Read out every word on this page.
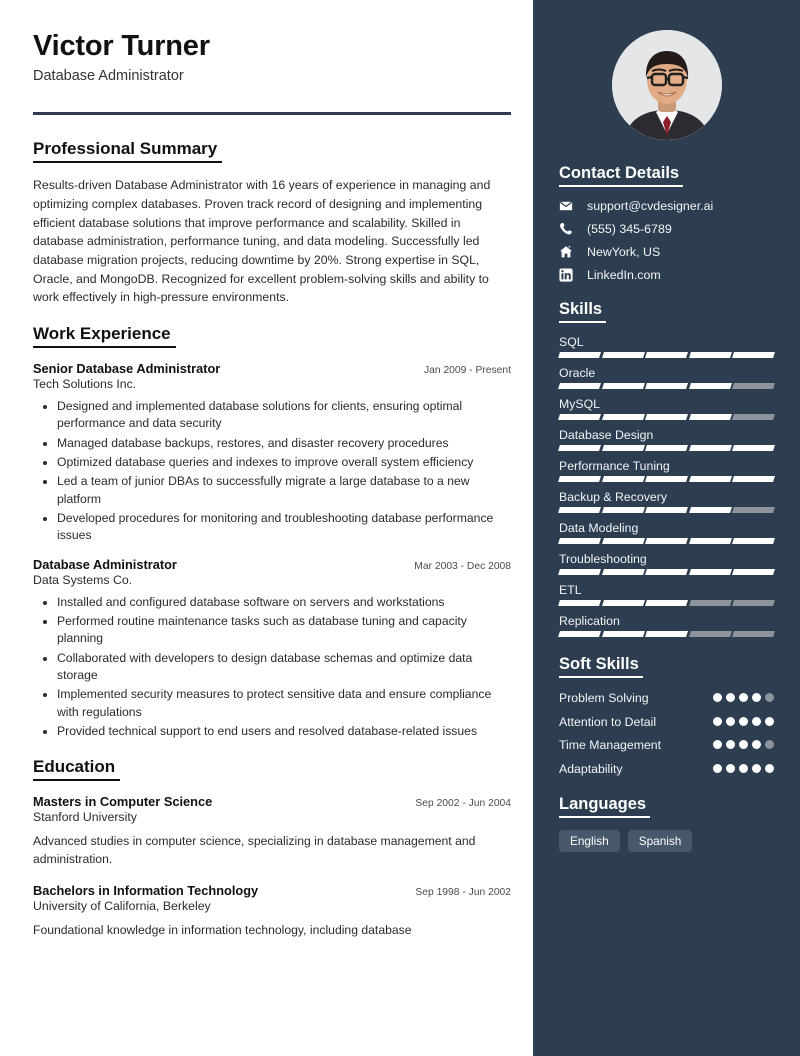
Victor Turner
Database Administrator
Professional Summary
Results-driven Database Administrator with 16 years of experience in managing and optimizing complex databases. Proven track record of designing and implementing efficient database solutions that improve performance and scalability. Skilled in database administration, performance tuning, and data modeling. Successfully led database migration projects, reducing downtime by 20%. Strong expertise in SQL, Oracle, and MongoDB. Recognized for excellent problem-solving skills and ability to work effectively in high-pressure environments.
Work Experience
Senior Database Administrator	Jan 2009 - Present
Tech Solutions Inc.
• Designed and implemented database solutions for clients, ensuring optimal performance and data security
• Managed database backups, restores, and disaster recovery procedures
• Optimized database queries and indexes to improve overall system efficiency
• Led a team of junior DBAs to successfully migrate a large database to a new platform
• Developed procedures for monitoring and troubleshooting database performance issues
Database Administrator	Mar 2003 - Dec 2008
Data Systems Co.
• Installed and configured database software on servers and workstations
• Performed routine maintenance tasks such as database tuning and capacity planning
• Collaborated with developers to design database schemas and optimize data storage
• Implemented security measures to protect sensitive data and ensure compliance with regulations
• Provided technical support to end users and resolved database-related issues
Education
Masters in Computer Science	Sep 2002 - Jun 2004
Stanford University
Advanced studies in computer science, specializing in database management and administration.
Bachelors in Information Technology	Sep 1998 - Jun 2002
University of California, Berkeley
Foundational knowledge in information technology, including database
Contact Details
support@cvdesigner.ai
(555) 345-6789
NewYork, US
LinkedIn.com
Skills
SQL
Oracle
MySQL
Database Design
Performance Tuning
Backup & Recovery
Data Modeling
Troubleshooting
ETL
Replication
Soft Skills
Problem Solving
Attention to Detail
Time Management
Adaptability
Languages
English	Spanish
